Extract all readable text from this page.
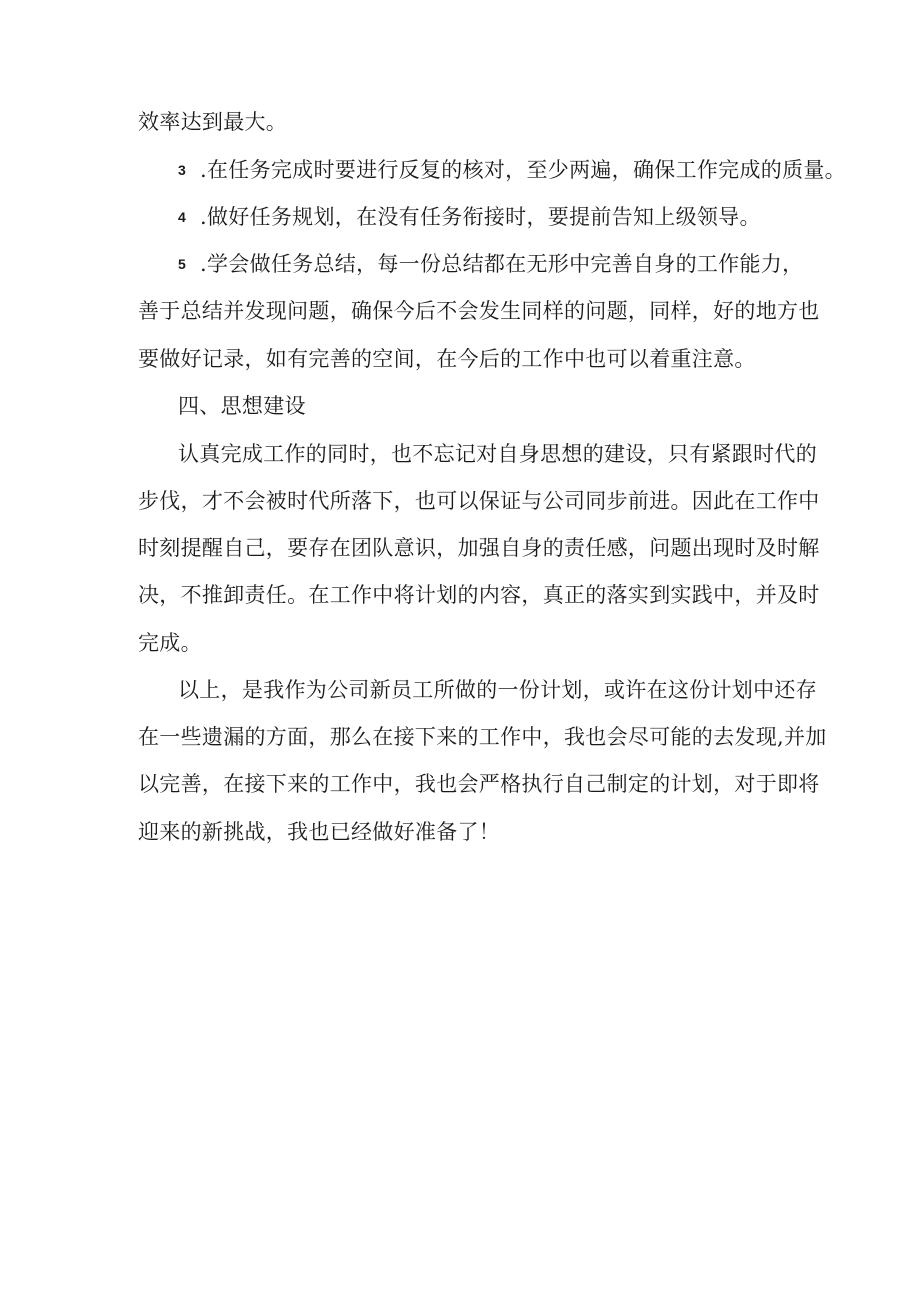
效率达到最大。
3 .在任务完成时要进行反复的核对，至少两遍，确保工作完成的质量。
4 .做好任务规划，在没有任务衔接时，要提前告知上级领导。
5 .学会做任务总结，每一份总结都在无形中完善自身的工作能力，
善于总结并发现问题，确保今后不会发生同样的问题，同样，好的地方也
要做好记录，如有完善的空间，在今后的工作中也可以着重注意。
四、思想建设
认真完成工作的同时，也不忘记对自身思想的建设，只有紧跟时代的
步伐，才不会被时代所落下，也可以保证与公司同步前进。因此在工作中
时刻提醒自己，要存在团队意识，加强自身的责任感，问题出现时及时解
决，不推卸责任。在工作中将计划的内容，真正的落实到实践中，并及时
完成。
以上，是我作为公司新员工所做的一份计划，或许在这份计划中还存
在一些遗漏的方面，那么在接下来的工作中，我也会尽可能的去发现,并加
以完善，在接下来的工作中，我也会严格执行自己制定的计划，对于即将
迎来的新挑战，我也已经做好准备了！
